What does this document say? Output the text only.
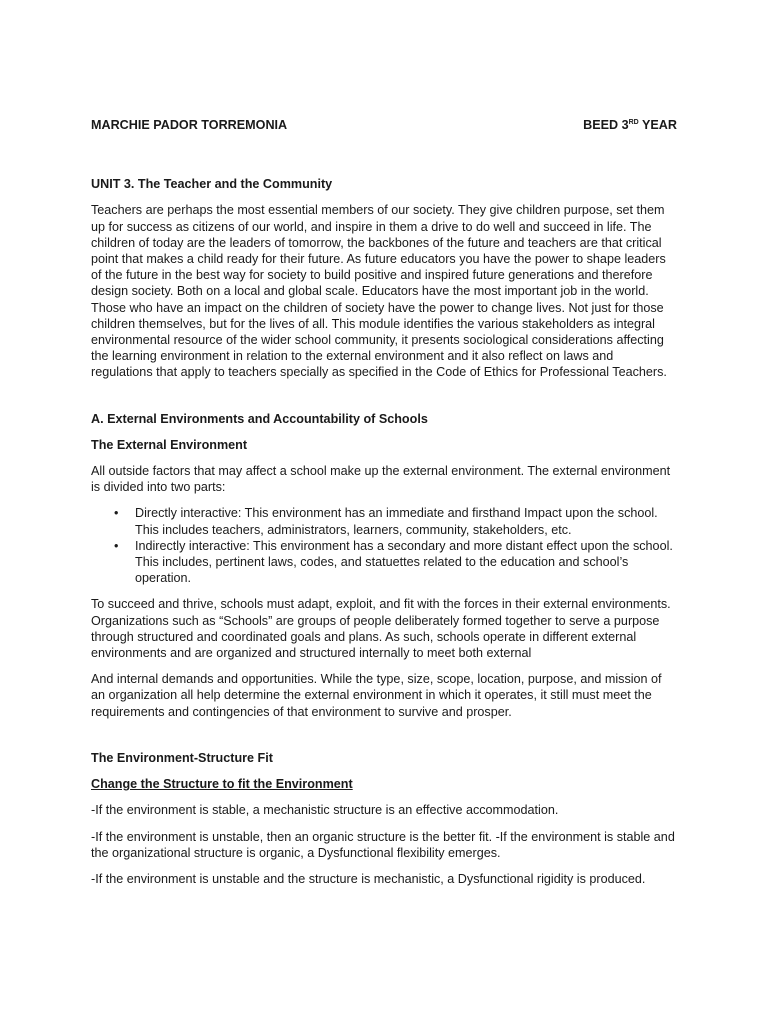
MARCHIE PADOR TORREMONIA	BEED 3RD YEAR

UNIT 3. The Teacher and the Community

Teachers are perhaps the most essential members of our society. They give children purpose, set them up for success as citizens of our world, and inspire in them a drive to do well and succeed in life. The children of today are the leaders of tomorrow, the backbones of the future and teachers are that critical point that makes a child ready for their future. As future educators you have the power to shape leaders of the future in the best way for society to build positive and inspired future generations and therefore design society. Both on a local and global scale. Educators have the most important job in the world. Those who have an impact on the children of society have the power to change lives. Not just for those children themselves, but for the lives of all. This module identifies the various stakeholders as integral environmental resource of the wider school community, it presents sociological considerations affecting the learning environment in relation to the external environment and it also reflect on laws and regulations that apply to teachers specially as specified in the Code of Ethics for Professional Teachers.

A. External Environments and Accountability of Schools

The External Environment

All outside factors that may affect a school make up the external environment. The external environment is divided into two parts:

• Directly interactive: This environment has an immediate and firsthand Impact upon the school. This includes teachers, administrators, learners, community, stakeholders, etc.
• Indirectly interactive: This environment has a secondary and more distant effect upon the school. This includes, pertinent laws, codes, and statuettes related to the education and school’s operation.

To succeed and thrive, schools must adapt, exploit, and fit with the forces in their external environments. Organizations such as “Schools” are groups of people deliberately formed together to serve a purpose through structured and coordinated goals and plans. As such, schools operate in different external environments and are organized and structured internally to meet both external

And internal demands and opportunities. While the type, size, scope, location, purpose, and mission of an organization all help determine the external environment in which it operates, it still must meet the requirements and contingencies of that environment to survive and prosper.

The Environment-Structure Fit

Change the Structure to fit the Environment

-If the environment is stable, a mechanistic structure is an effective accommodation.

-If the environment is unstable, then an organic structure is the better fit. -If the environment is stable and the organizational structure is organic, a Dysfunctional flexibility emerges.

-If the environment is unstable and the structure is mechanistic, a Dysfunctional rigidity is produced.
